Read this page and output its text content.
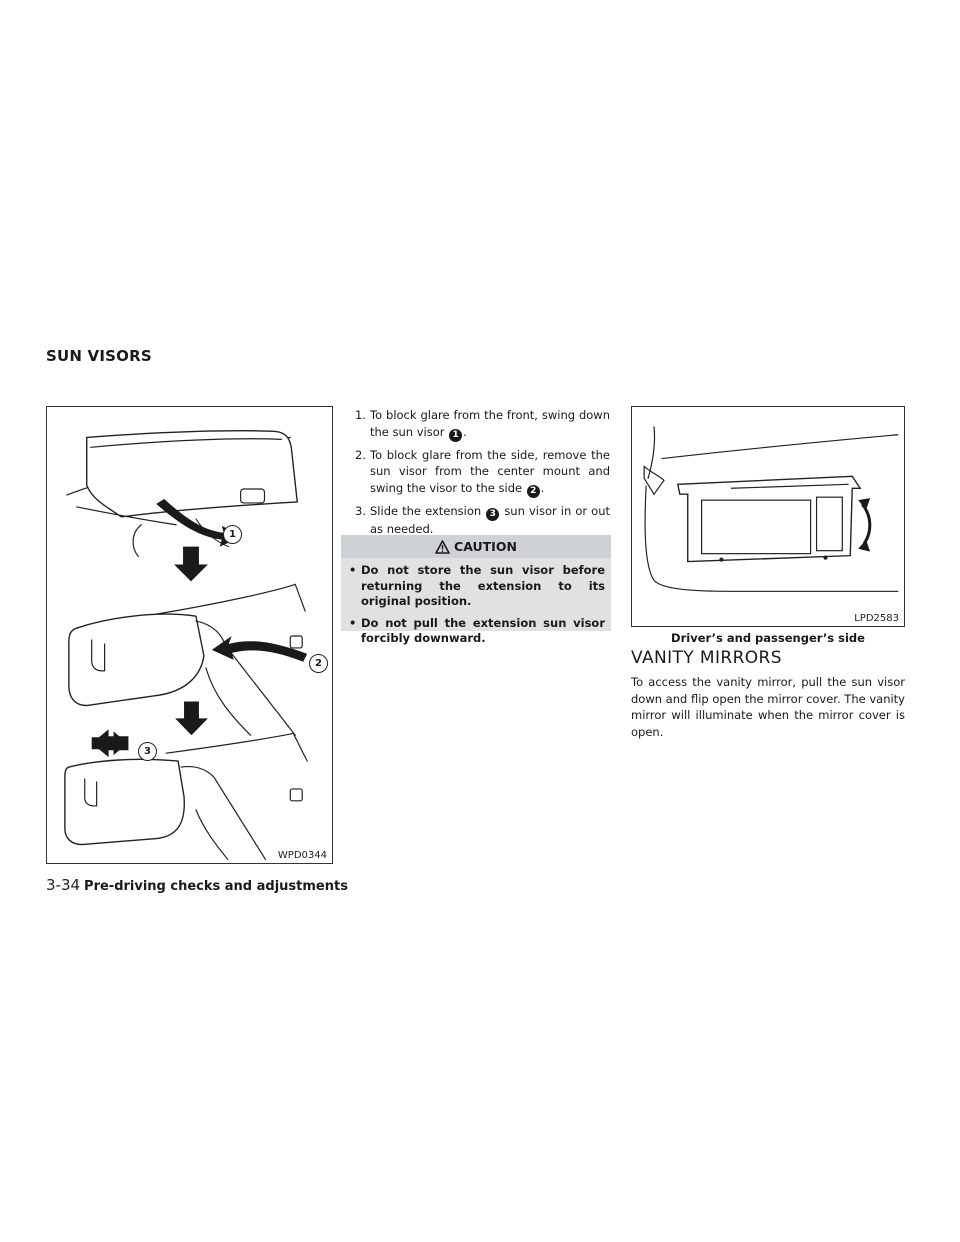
SUN VISORS
1
2
3
WPD0344
1. To block glare from the front, swing down the sun visor 1 .
2. To block glare from the side, remove the sun visor from the center mount and swing the visor to the side 2 .
3. Slide the extension 3 sun visor in or out as needed.
CAUTION
• Do not store the sun visor before returning the extension to its original position.
• Do not pull the extension sun visor forcibly downward.
LPD2583
Driver’s and passenger’s side
VANITY MIRRORS
To access the vanity mirror, pull the sun visor down and flip open the mirror cover. The vanity mirror will illuminate when the mirror cover is open.
3-34 Pre-driving checks and adjustments
